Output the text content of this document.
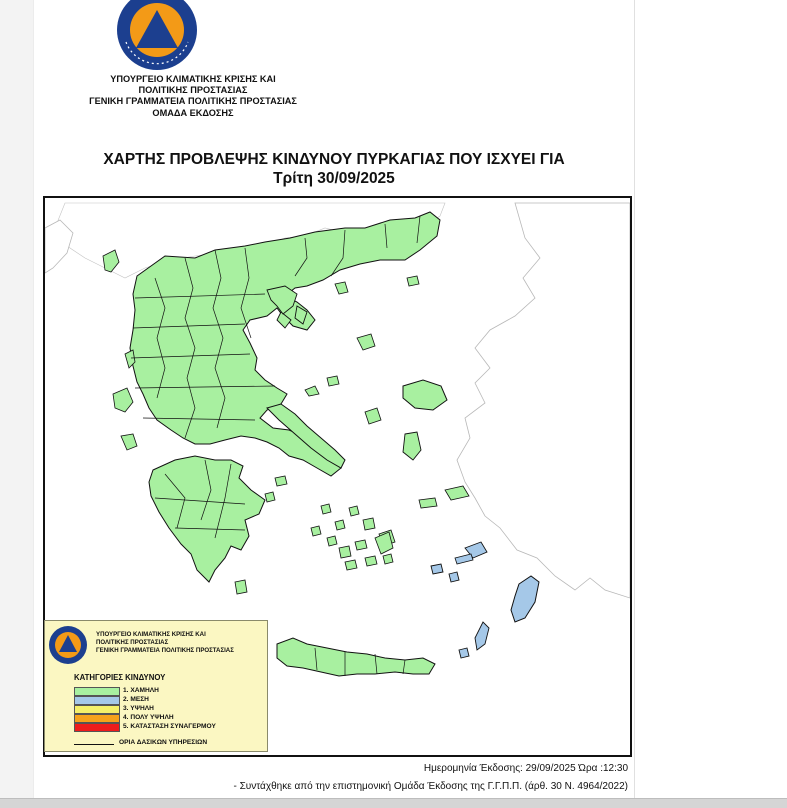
ΥΠΟΥΡΓΕΙΟ ΚΛΙΜΑΤΙΚΗΣ ΚΡΙΣΗΣ ΚΑΙ
ΠΟΛΙΤΙΚΗΣ ΠΡΟΣΤΑΣΙΑΣ
ΓΕΝΙΚΗ ΓΡΑΜΜΑΤΕΙΑ ΠΟΛΙΤΙΚΗΣ ΠΡΟΣΤΑΣΙΑΣ
ΟΜΑΔΑ ΕΚΔΟΣΗΣ
ΧΑΡΤΗΣ ΠΡΟΒΛΕΨΗΣ ΚΙΝΔΥΝΟΥ ΠΥΡΚΑΓΙΑΣ ΠΟΥ ΙΣΧΥΕΙ ΓΙΑ
Τρίτη 30/09/2025
ΥΠΟΥΡΓΕΙΟ ΚΛΙΜΑΤΙΚΗΣ ΚΡΙΣΗΣ ΚΑΙ
ΠΟΛΙΤΙΚΗΣ ΠΡΟΣΤΑΣΙΑΣ
ΓΕΝΙΚΗ ΓΡΑΜΜΑΤΕΙΑ ΠΟΛΙΤΙΚΗΣ ΠΡΟΣΤΑΣΙΑΣ
ΚΑΤΗΓΟΡΙΕΣ ΚΙΝΔΥΝΟΥ
1. ΧΑΜΗΛΗ
2. ΜΕΣΗ
3. ΥΨΗΛΗ
4. ΠΟΛΥ ΥΨΗΛΗ
5. ΚΑΤΑΣΤΑΣΗ ΣΥΝΑΓΕΡΜΟΥ
ΟΡΙΑ ΔΑΣΙΚΩΝ ΥΠΗΡΕΣΙΩΝ
Ημερομηνία Έκδοσης: 29/09/2025 Ώρα :12:30
- Συντάχθηκε από την επιστημονική Ομάδα Έκδοσης της Γ.Γ.Π.Π. (άρθ. 30 Ν. 4964/2022)
